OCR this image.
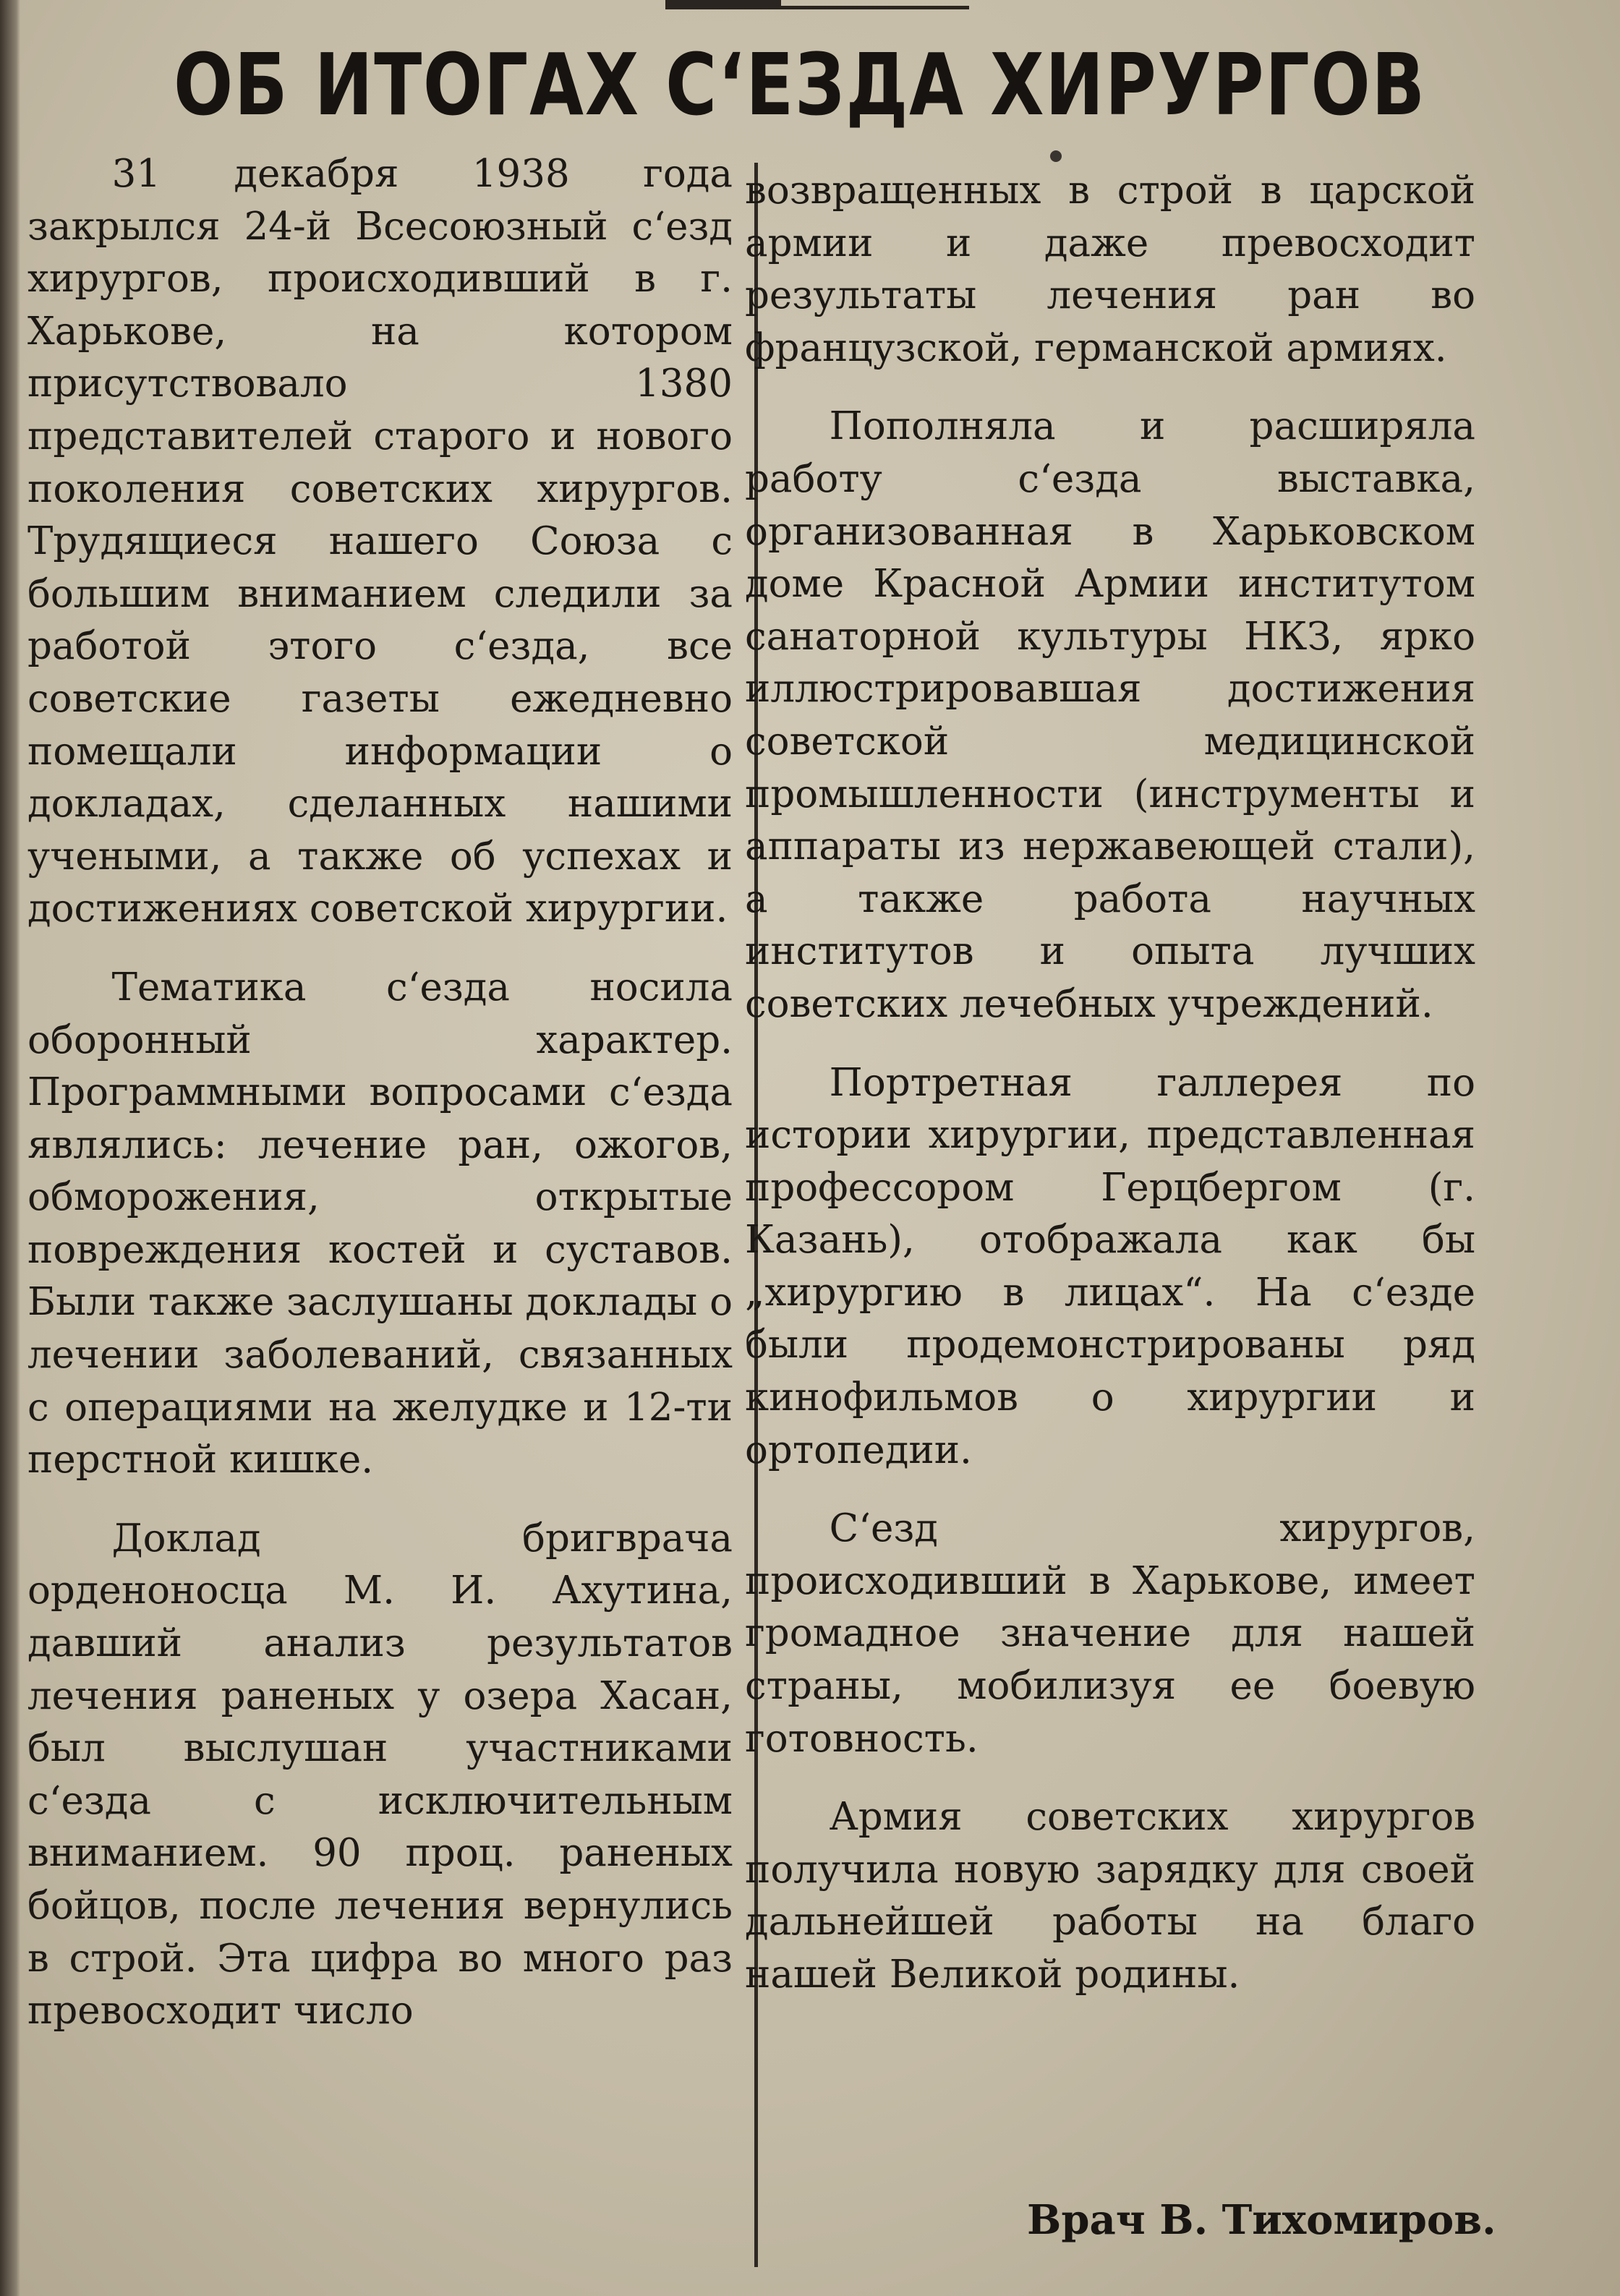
ОБ ИТОГАХ С‘ЕЗДА ХИРУРГОВ

31 декабря 1938 года закрылся 24-й Всесоюзный с‘езд хирургов, происходивший в г. Харькове, на котором присутствовало 1380 представителей старого и нового поколения советских хирургов. Трудящиеся нашего Союза с большим вниманием следили за работой этого с‘езда, все советские газеты ежедневно помещали информации о докладах, сделанных нашими учеными, а также об успехах и достижениях советской хирургии.

Тематика с‘езда носила оборонный характер. Программными вопросами с‘езда являлись: лечение ран, ожогов, обморожения, открытые повреждения костей и суставов. Были также заслушаны доклады о лечении заболеваний, связанных с операциями на желудке и 12-ти перстной кишке.

Доклад бригврача орденоносца М. И. Ахутина, давший анализ результатов лечения раненых у озера Хасан, был выслушан участниками с‘езда с исключительным вниманием. 90 проц. раненых бойцов, после лечения вернулись в строй. Эта цифра во много раз превосходит число

возвращенных в строй в царской армии и даже превосходит результаты лечения ран во французской, германской армиях.

Пополняла и расширяла работу с‘езда выставка, организованная в Харьковском доме Красной Армии институтом санаторной культуры НКЗ, ярко иллюстрировавшая достижения советской медицинской промышленности (инструменты и аппараты из нержавеющей стали), а также работа научных институтов и опыта лучших советских лечебных учреждений.

Портретная галлерея по истории хирургии, представленная профессором Герцбергом (г. Казань), отображала как бы „хирургию в лицах“. На с‘езде были продемонстрированы ряд кинофильмов о хирургии и ортопедии.

С‘езд хирургов, происходивший в Харькове, имеет громадное значение для нашей страны, мобилизуя ее боевую готовность.

Армия советских хирургов получила новую зарядку для своей дальнейшей работы на благо нашей Великой родины.

Врач В. Тихомиров.
